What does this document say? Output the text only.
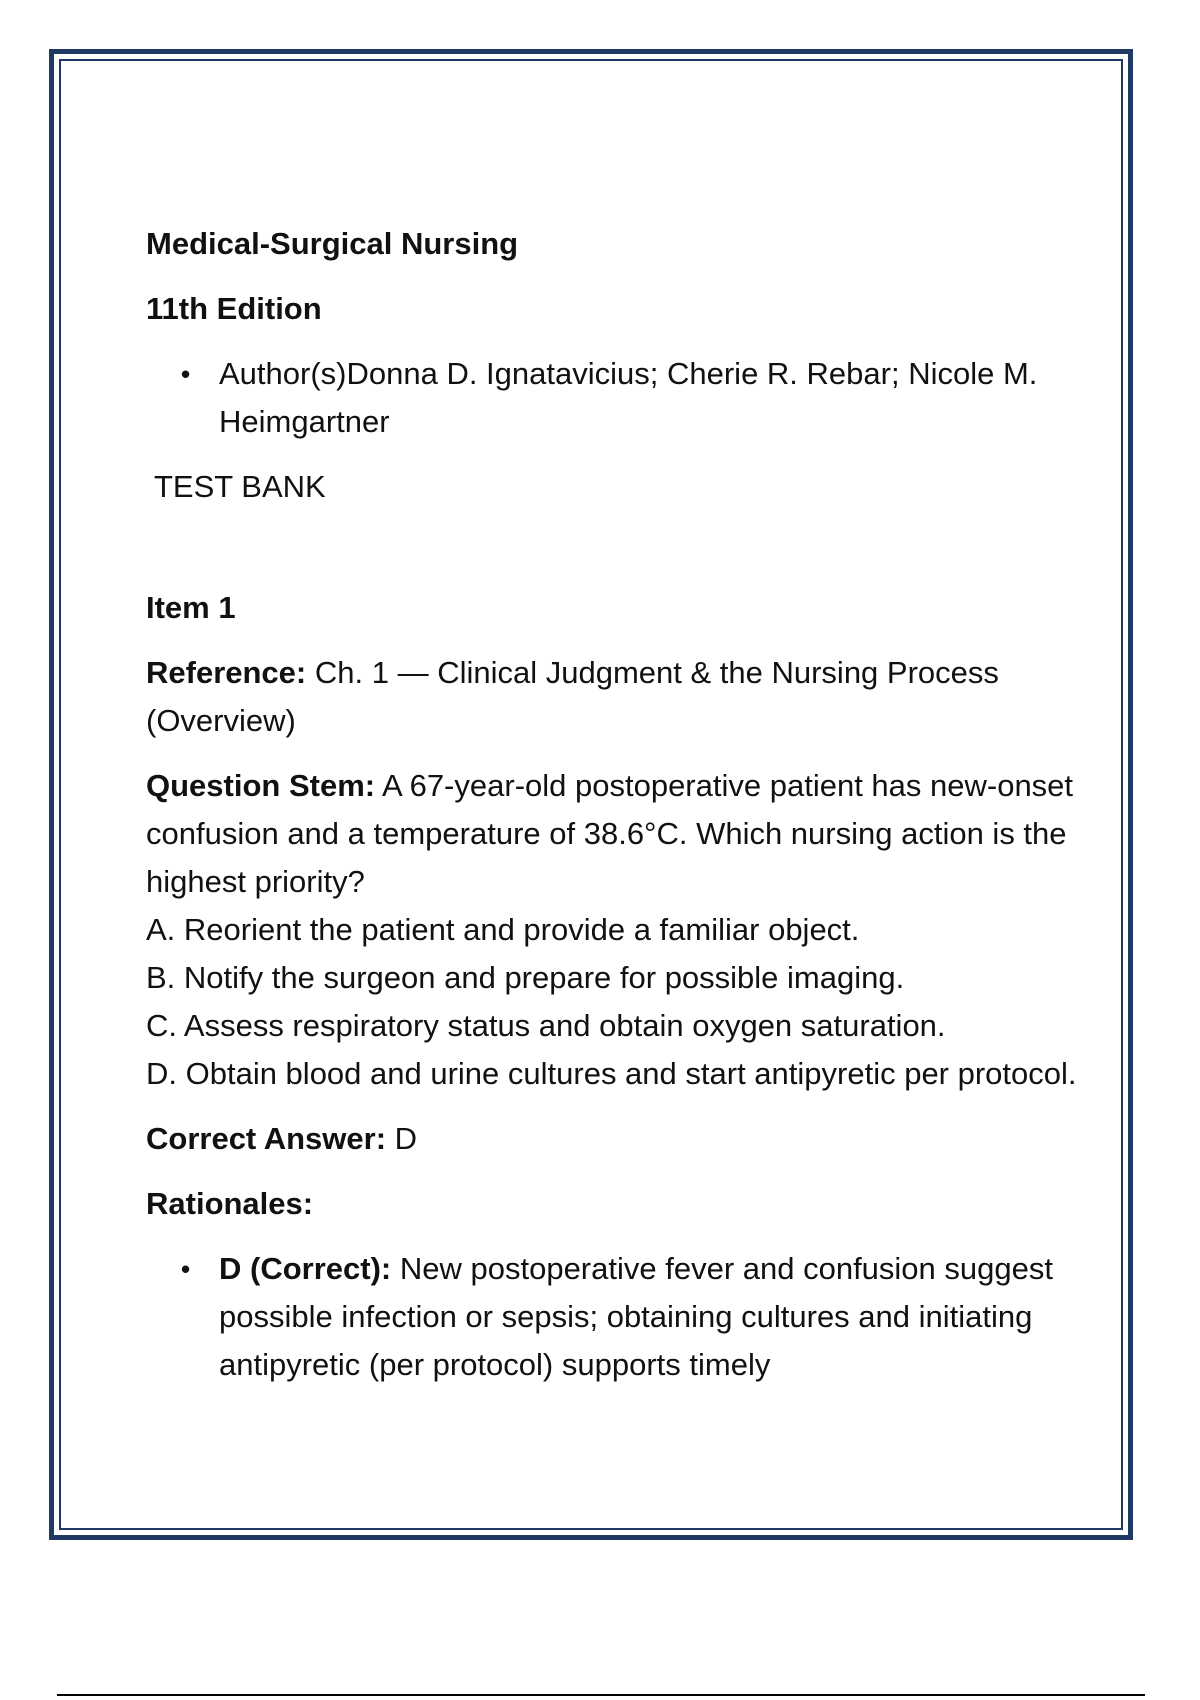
Medical-Surgical Nursing

11th Edition

• Author(s)Donna D. Ignatavicius; Cherie R. Rebar; Nicole M. Heimgartner

TEST BANK

Item 1

Reference: Ch. 1 — Clinical Judgment & the Nursing Process (Overview)

Question Stem: A 67-year-old postoperative patient has new-onset confusion and a temperature of 38.6°C. Which nursing action is the highest priority?

A. Reorient the patient and provide a familiar object.

B. Notify the surgeon and prepare for possible imaging.

C. Assess respiratory status and obtain oxygen saturation.

D. Obtain blood and urine cultures and start antipyretic per protocol.

Correct Answer: D

Rationales:

• D (Correct): New postoperative fever and confusion suggest possible infection or sepsis; obtaining cultures and initiating antipyretic (per protocol) supports timely
